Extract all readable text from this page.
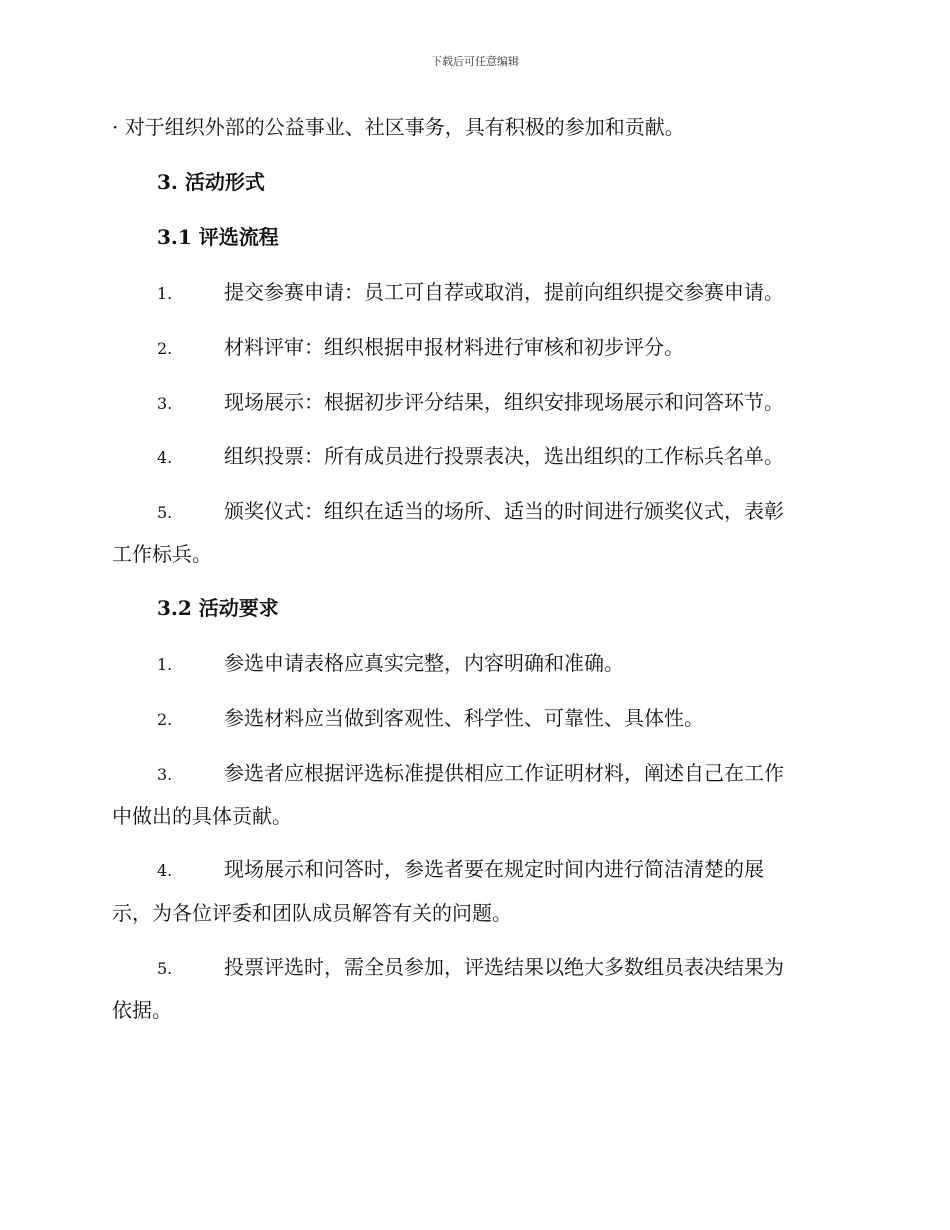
下载后可任意编辑
· 对于组织外部的公益事业、社区事务，具有积极的参加和贡献。
3. 活动形式
3.1 评选流程
1.	提交参赛申请：员工可自荐或取消，提前向组织提交参赛申请。
2.	材料评审：组织根据申报材料进行审核和初步评分。
3.	现场展示：根据初步评分结果，组织安排现场展示和问答环节。
4.	组织投票：所有成员进行投票表决，选出组织的工作标兵名单。
5.	颁奖仪式：组织在适当的场所、适当的时间进行颁奖仪式，表彰
工作标兵。
3.2 活动要求
1.	参选申请表格应真实完整，内容明确和准确。
2.	参选材料应当做到客观性、科学性、可靠性、具体性。
3.	参选者应根据评选标准提供相应工作证明材料，阐述自己在工作
中做出的具体贡献。
4.	现场展示和问答时，参选者要在规定时间内进行简洁清楚的展
示，为各位评委和团队成员解答有关的问题。
5.	投票评选时，需全员参加，评选结果以绝大多数组员表决结果为
依据。
